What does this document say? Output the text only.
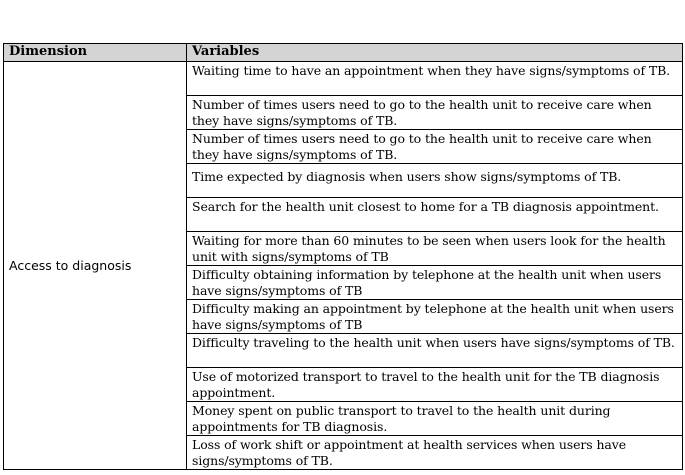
Dimension	Variables
Access to diagnosis	Waiting time to have an appointment when they have signs/symptoms of TB.
	Number of times users need to go to the health unit to receive care when they have signs/symptoms of TB.
	Number of times users need to go to the health unit to receive care when they have signs/symptoms of TB.
	Time expected by diagnosis when users show signs/symptoms of TB.
	Search for the health unit closest to home for a TB diagnosis appointment.
	Waiting for more than 60 minutes to be seen when users look for the health unit with signs/symptoms of TB
	Difficulty obtaining information by telephone at the health unit when users have signs/symptoms of TB
	Difficulty making an appointment by telephone at the health unit when users have signs/symptoms of TB
	Difficulty traveling to the health unit when users have signs/symptoms of TB.
	Use of motorized transport to travel to the health unit for the TB diagnosis appointment.
	Money spent on public transport to travel to the health unit during appointments for TB diagnosis.
	Loss of work shift or appointment at health services when users have signs/symptoms of TB.
